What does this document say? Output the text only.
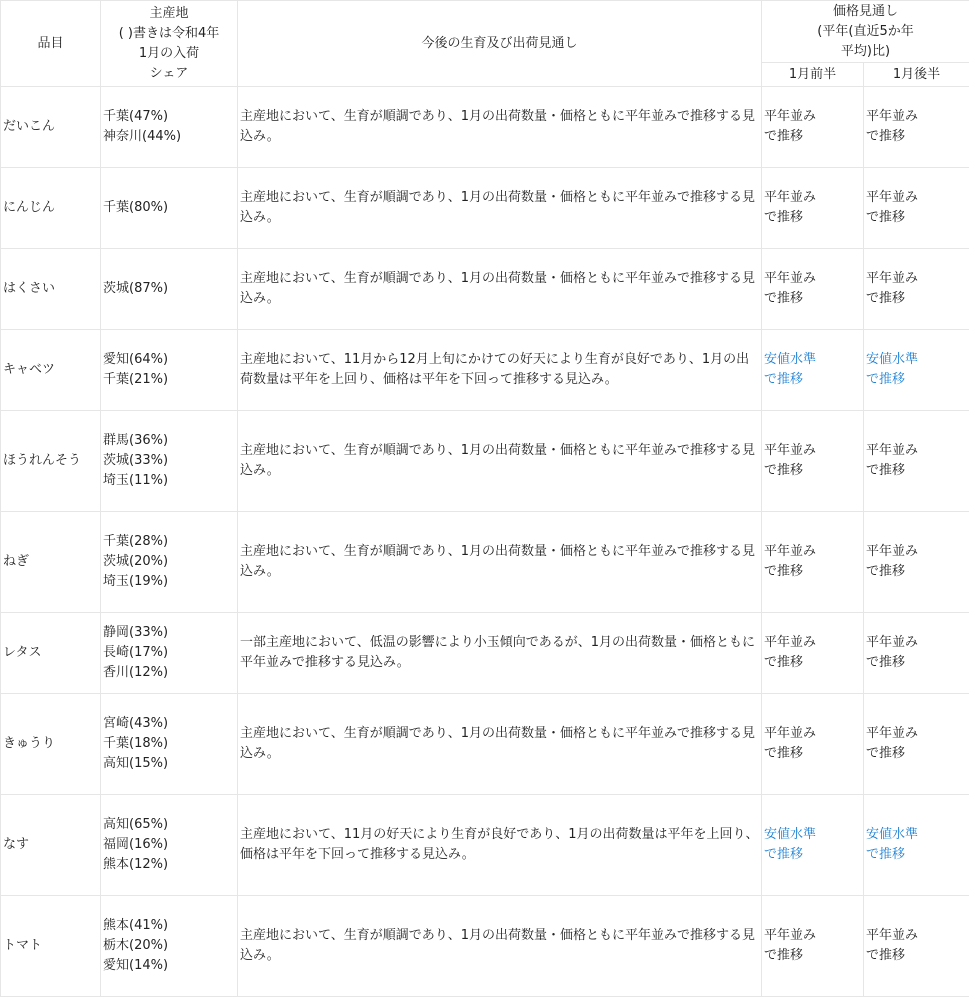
品目	主産地
( )書きは令和4年
1月の入荷
シェア	今後の生育及び出荷見通し	価格見通し
(平年(直近5か年
平均)比)	
			1月前半	1月後半
だいこん	千葉(47%)
神奈川(44%)	主産地において、生育が順調であり、1月の出荷数量・価格ともに平年並みで推移する見込み。	平年並み
で推移	平年並み
で推移
にんじん	千葉(80%)	主産地において、生育が順調であり、1月の出荷数量・価格ともに平年並みで推移する見込み。	平年並み
で推移	平年並み
で推移
はくさい	茨城(87%)	主産地において、生育が順調であり、1月の出荷数量・価格ともに平年並みで推移する見込み。	平年並み
で推移	平年並み
で推移
キャベツ	愛知(64%)
千葉(21%)	主産地において、11月から12月上旬にかけての好天により生育が良好であり、1月の出荷数量は平年を上回り、価格は平年を下回って推移する見込み。	安値水準
で推移	安値水準
で推移
ほうれんそう	群馬(36%)
茨城(33%)
埼玉(11%)	主産地において、生育が順調であり、1月の出荷数量・価格ともに平年並みで推移する見込み。	平年並み
で推移	平年並み
で推移
ねぎ	千葉(28%)
茨城(20%)
埼玉(19%)	主産地において、生育が順調であり、1月の出荷数量・価格ともに平年並みで推移する見込み。	平年並み
で推移	平年並み
で推移
レタス	静岡(33%)
長崎(17%)
香川(12%)	一部主産地において、低温の影響により小玉傾向であるが、1月の出荷数量・価格ともに平年並みで推移する見込み。	平年並み
で推移	平年並み
で推移
きゅうり	宮崎(43%)
千葉(18%)
高知(15%)	主産地において、生育が順調であり、1月の出荷数量・価格ともに平年並みで推移する見込み。	平年並み
で推移	平年並み
で推移
なす	高知(65%)
福岡(16%)
熊本(12%)	主産地において、11月の好天により生育が良好であり、1月の出荷数量は平年を上回り、価格は平年を下回って推移する見込み。	安値水準
で推移	安値水準
で推移
トマト	熊本(41%)
栃木(20%)
愛知(14%)	主産地において、生育が順調であり、1月の出荷数量・価格ともに平年並みで推移する見込み。	平年並み
で推移	平年並み
で推移
